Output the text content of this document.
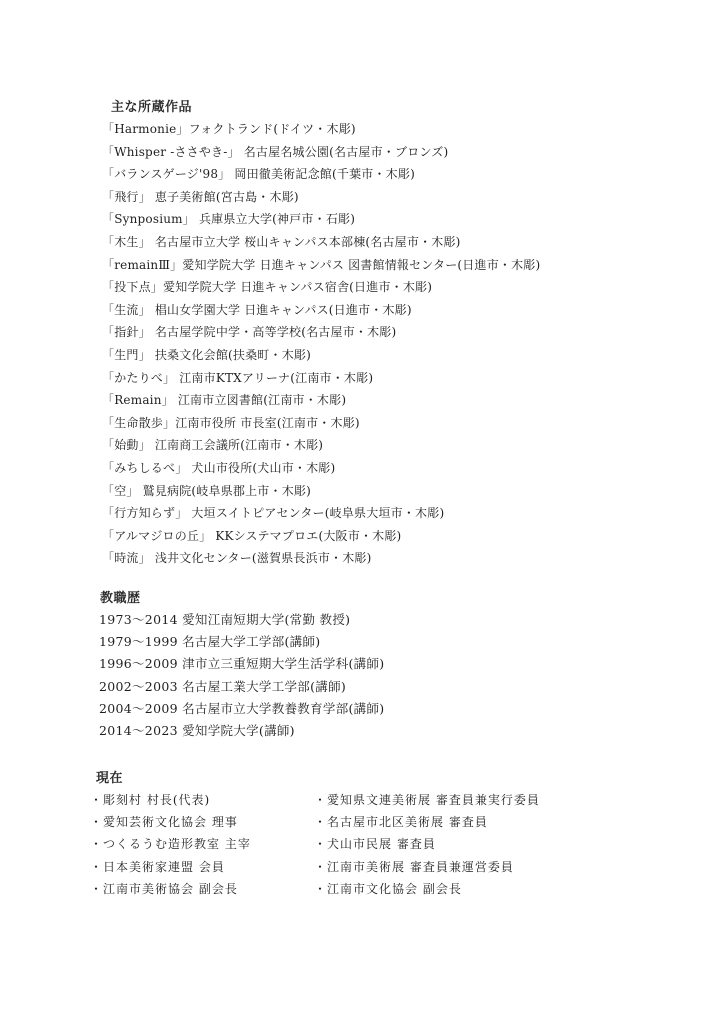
主な所蔵作品
「Harmonie」フォクトランド(ドイツ・木彫)
「Whisper -ささやき-」 名古屋名城公園(名古屋市・ブロンズ)
「バランスゲージ'98」 岡田徹美術記念館(千葉市・木彫)
「飛行」 恵子美術館(宮古島・木彫)
「Synposium」 兵庫県立大学(神戸市・石彫)
「木生」 名古屋市立大学 桜山キャンパス本部棟(名古屋市・木彫)
「remainⅢ」愛知学院大学 日進キャンパス 図書館情報センター(日進市・木彫)
「投下点」愛知学院大学 日進キャンパス宿舎(日進市・木彫)
「生流」 椙山女学園大学 日進キャンパス(日進市・木彫)
「指針」 名古屋学院中学・高等学校(名古屋市・木彫)
「生門」 扶桑文化会館(扶桑町・木彫)
「かたりべ」 江南市KTXアリーナ(江南市・木彫)
「Remain」 江南市立図書館(江南市・木彫)
「生命散歩」江南市役所 市長室(江南市・木彫)
「始動」 江南商工会議所(江南市・木彫)
「みちしるべ」 犬山市役所(犬山市・木彫)
「空」 鷲見病院(岐阜県郡上市・木彫)
「行方知らず」 大垣スイトピアセンター(岐阜県大垣市・木彫)
「アルマジロの丘」 KKシステマプロエ(大阪市・木彫)
「時流」 浅井文化センター(滋賀県長浜市・木彫)
教職歴
1973〜2014 愛知江南短期大学(常勤 教授)
1979〜1999 名古屋大学工学部(講師)
1996〜2009 津市立三重短期大学生活学科(講師)
2002〜2003 名古屋工業大学工学部(講師)
2004〜2009 名古屋市立大学教養教育学部(講師)
2014〜2023 愛知学院大学(講師)
現在
・彫刻村 村長(代表)
・愛知芸術文化協会 理事
・つくるうむ造形教室 主宰
・日本美術家連盟 会員
・江南市美術協会 副会長
・愛知県文連美術展 審査員兼実行委員
・名古屋市北区美術展 審査員
・犬山市民展 審査員
・江南市美術展 審査員兼運営委員
・江南市文化協会 副会長
